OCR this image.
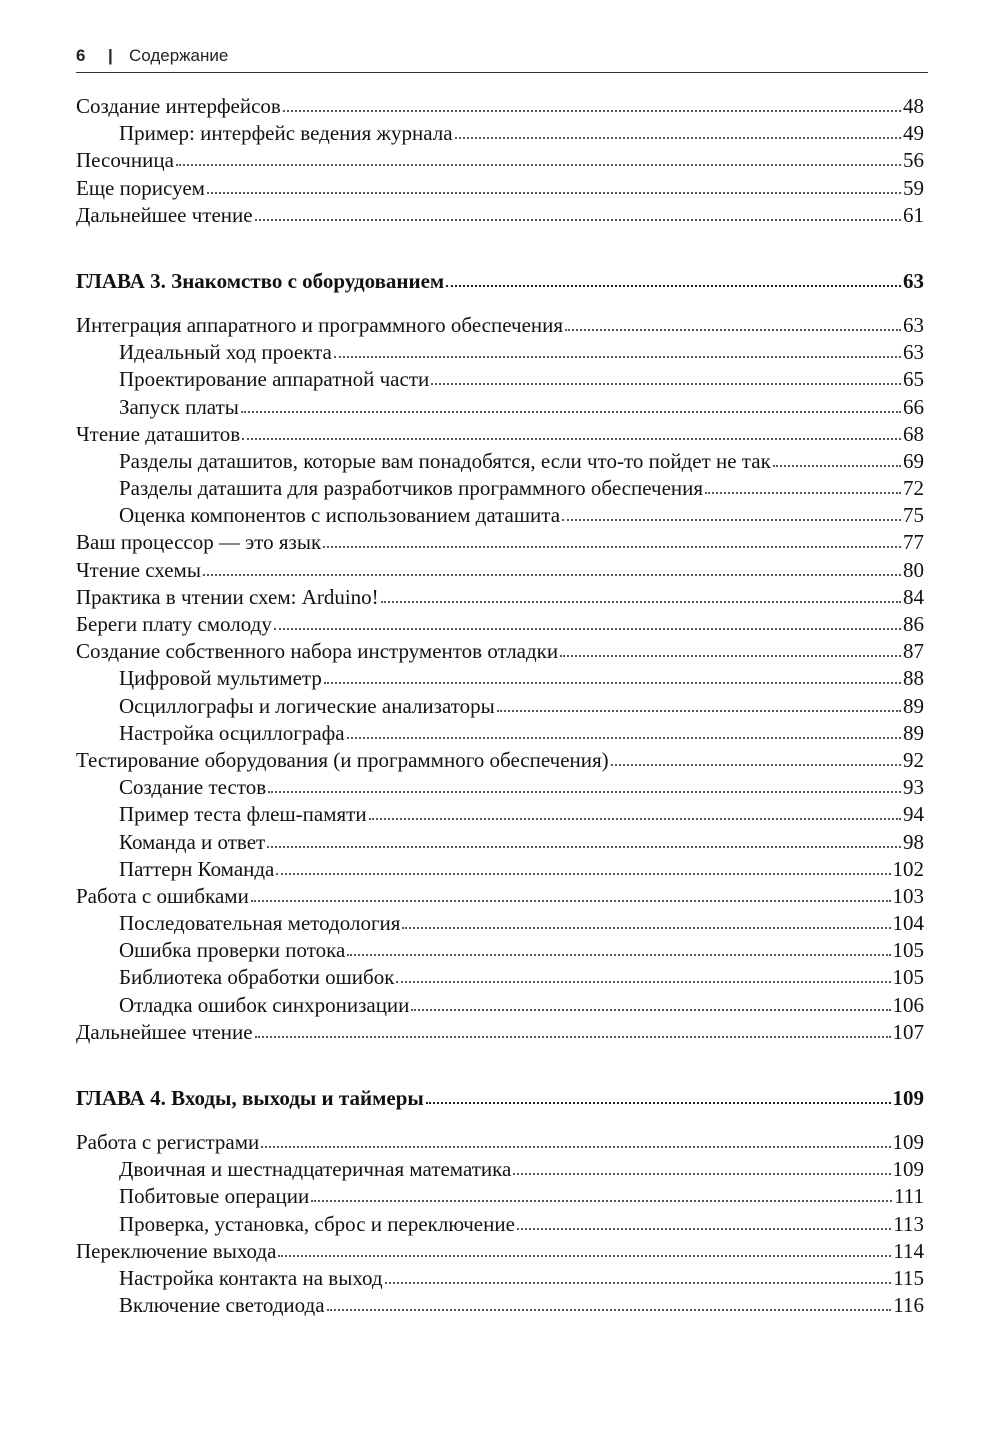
6 | Содержание
Создание интерфейсов	48
Пример: интерфейс ведения журнала	49
Песочница	56
Еще порисуем	59
Дальнейшее чтение	61
ГЛАВА 3. Знакомство с оборудованием	63
Интеграция аппаратного и программного обеспечения	63
Идеальный ход проекта	63
Проектирование аппаратной части	65
Запуск платы	66
Чтение даташитов	68
Разделы даташитов, которые вам понадобятся, если что-то пойдет не так	69
Разделы даташита для разработчиков программного обеспечения	72
Оценка компонентов с использованием даташита	75
Ваш процессор — это язык	77
Чтение схемы	80
Практика в чтении схем: Arduino!	84
Береги плату смолоду	86
Создание собственного набора инструментов отладки	87
Цифровой мультиметр	88
Осциллографы и логические анализаторы	89
Настройка осциллографа	89
Тестирование оборудования (и программного обеспечения)	92
Создание тестов	93
Пример теста флеш-памяти	94
Команда и ответ	98
Паттерн Команда	102
Работа с ошибками	103
Последовательная методология	104
Ошибка проверки потока	105
Библиотека обработки ошибок	105
Отладка ошибок синхронизации	106
Дальнейшее чтение	107
ГЛАВА 4. Входы, выходы и таймеры	109
Работа с регистрами	109
Двоичная и шестнадцатеричная математика	109
Побитовые операции	111
Проверка, установка, сброс и переключение	113
Переключение выхода	114
Настройка контакта на выход	115
Включение светодиода	116
